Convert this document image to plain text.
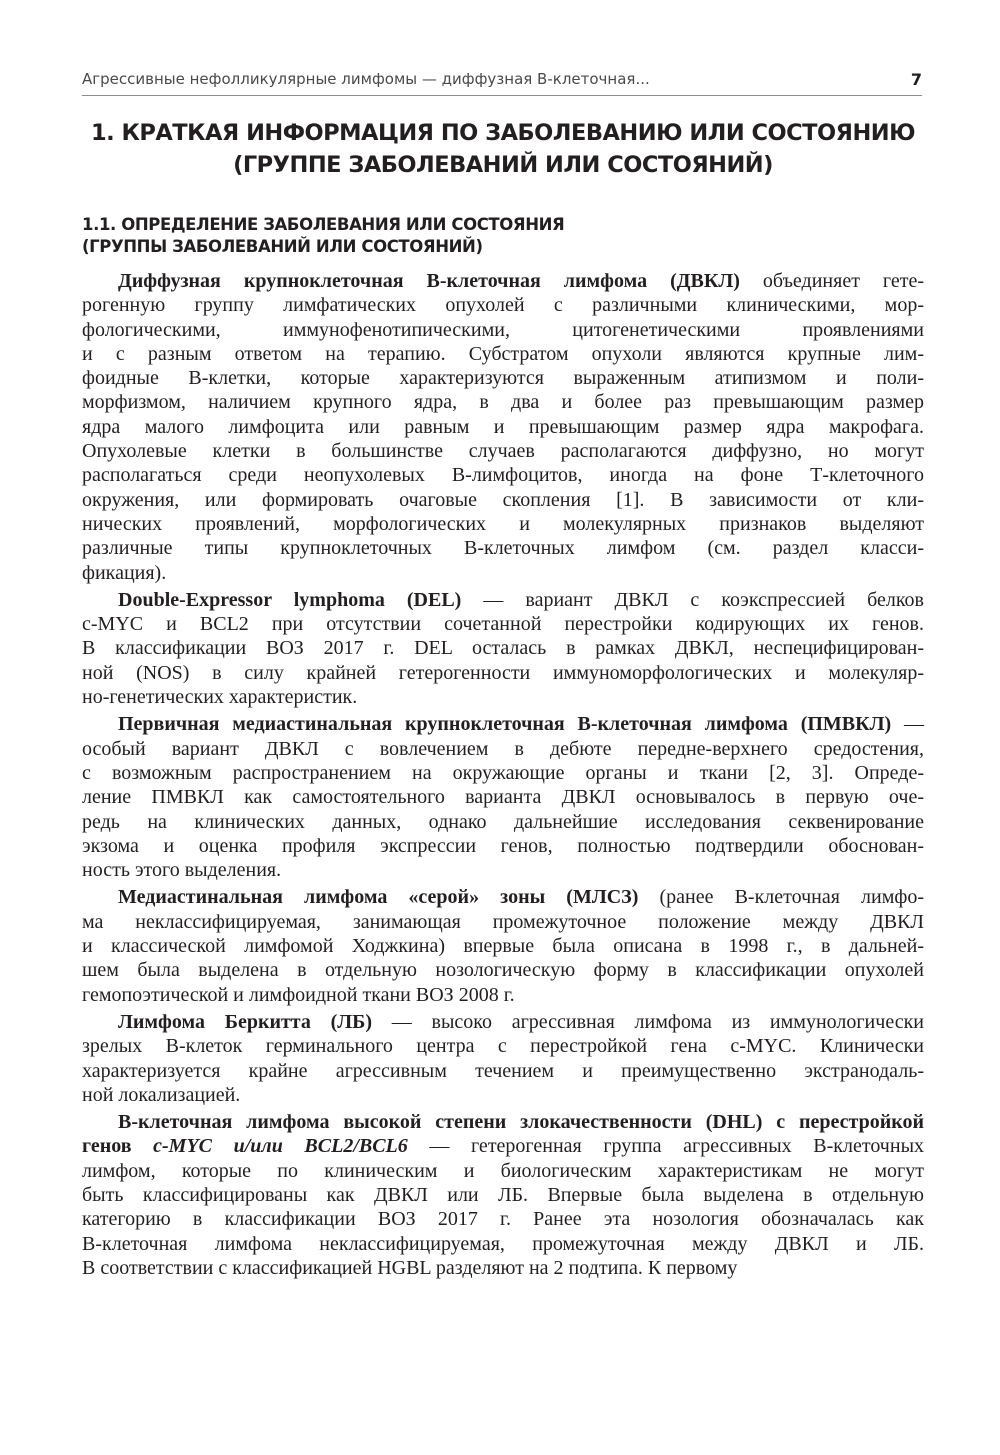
Агрессивные нефолликулярные лимфомы — диффузная В-клеточная...	7
1. КРАТКАЯ ИНФОРМАЦИЯ ПО ЗАБОЛЕВАНИЮ ИЛИ СОСТОЯНИЮ
(ГРУППЕ ЗАБОЛЕВАНИЙ ИЛИ СОСТОЯНИЙ)
1.1. ОПРЕДЕЛЕНИЕ ЗАБОЛЕВАНИЯ ИЛИ СОСТОЯНИЯ
(ГРУППЫ ЗАБОЛЕВАНИЙ ИЛИ СОСТОЯНИЙ)
Диффузная крупноклеточная В-клеточная лимфома (ДВКЛ) объединяет гете-
рогенную группу лимфатических опухолей с различными клиническими, мор-
фологическими, иммунофенотипическими, цитогенетическими проявлениями
и с разным ответом на терапию. Субстратом опухоли являются крупные лим-
фоидные В-клетки, которые характеризуются выраженным атипизмом и поли-
морфизмом, наличием крупного ядра, в два и более раз превышающим размер
ядра малого лимфоцита или равным и превышающим размер ядра макрофага.
Опухолевые клетки в большинстве случаев располагаются диффузно, но могут
располагаться среди неопухолевых В-лимфоцитов, иногда на фоне Т-клеточного
окружения, или формировать очаговые скопления [1]. В зависимости от кли-
нических проявлений, морфологических и молекулярных признаков выделяют
различные типы крупноклеточных В-клеточных лимфом (см. раздел класси-
фикация).
Double-Expressor lymphoma (DEL) — вариант ДВКЛ с коэкспрессией белков
c-MYC и BCL2 при отсутствии сочетанной перестройки кодирующих их генов.
В классификации ВОЗ 2017 г. DEL осталась в рамках ДВКЛ, неспецифицирован-
ной (NOS) в силу крайней гетерогенности иммуноморфологических и молекуляр-
но-генетических характеристик.
Первичная медиастинальная крупноклеточная В-клеточная лимфома (ПМВКЛ) —
особый вариант ДВКЛ с вовлечением в дебюте передне-верхнего средостения,
с возможным распространением на окружающие органы и ткани [2, 3]. Опреде-
ление ПМВКЛ как самостоятельного варианта ДВКЛ основывалось в первую оче-
редь на клинических данных, однако дальнейшие исследования секвенирование
экзома и оценка профиля экспрессии генов, полностью подтвердили обоснован-
ность этого выделения.
Медиастинальная лимфома «серой» зоны (МЛСЗ) (ранее В-клеточная лимфо-
ма неклассифицируемая, занимающая промежуточное положение между ДВКЛ
и классической лимфомой Ходжкина) впервые была описана в 1998 г., в дальней-
шем была выделена в отдельную нозологическую форму в классификации опухолей
гемопоэтической и лимфоидной ткани ВОЗ 2008 г.
Лимфома Беркитта (ЛБ) — высоко агрессивная лимфома из иммунологически
зрелых В-клеток герминального центра с перестройкой гена c-MYC. Клинически
характеризуется крайне агрессивным течением и преимущественно экстранодаль-
ной локализацией.
В-клеточная лимфома высокой степени злокачественности (DHL) с перестройкой
генов c-MYC и/или BCL2/BCL6 — гетерогенная группа агрессивных В-клеточных
лимфом, которые по клиническим и биологическим характеристикам не могут
быть классифицированы как ДВКЛ или ЛБ. Впервые была выделена в отдельную
категорию в классификации ВОЗ 2017 г. Ранее эта нозология обозначалась как
В-клеточная лимфома неклассифицируемая, промежуточная между ДВКЛ и ЛБ.
В соответствии с классификацией HGBL разделяют на 2 подтипа. К первому
